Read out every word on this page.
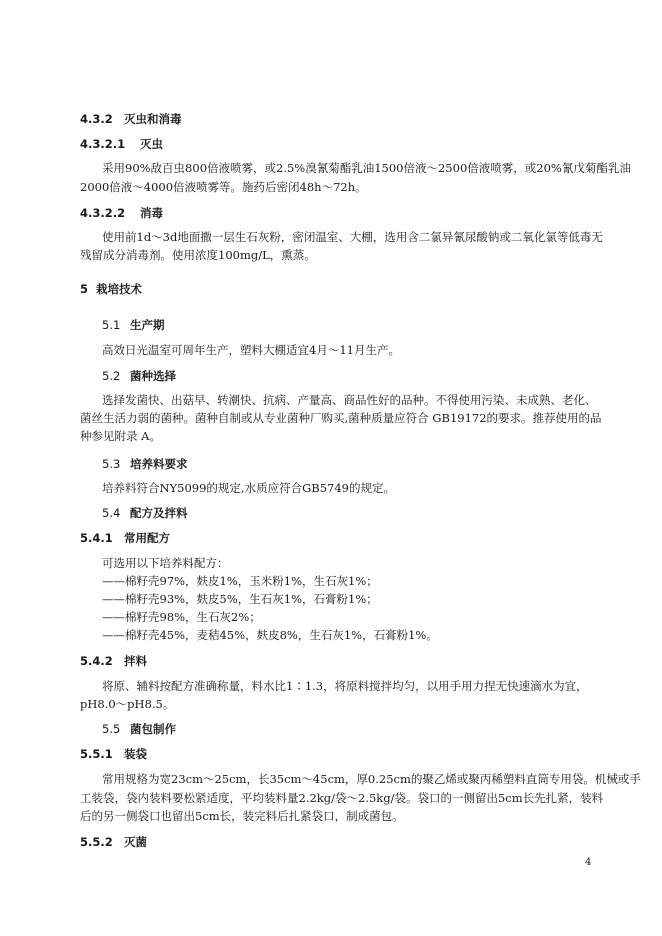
4.3.2 灭虫和消毒
4.3.2.1 灭虫
采用90%敌百虫800倍液喷雾，或2.5%溴氰菊酯乳油1500倍液～2500倍液喷雾，或20%氰戊菊酯乳油
2000倍液～4000倍液喷雾等。施药后密闭48h～72h。
4.3.2.2 消毒
使用前1d～3d地面撒一层生石灰粉，密闭温室、大棚，选用含二氯异氰尿酸钠或二氧化氯等低毒无
残留成分消毒剂。使用浓度100mg/L，熏蒸。
5 栽培技术
5.1 生产期
高效日光温室可周年生产，塑料大棚适宜4月～11月生产。
5.2 菌种选择
选择发菌快、出菇早、转潮快、抗病、产量高、商品性好的品种。不得使用污染、未成熟、老化、
菌丝生活力弱的菌种。菌种自制或从专业菌种厂购买,菌种质量应符合 GB19172的要求。推荐使用的品
种参见附录 A。
5.3 培养料要求
培养料符合NY5099的规定,水质应符合GB5749的规定。
5.4 配方及拌料
5.4.1 常用配方
可选用以下培养料配方：
——棉籽壳97%，麸皮1%，玉米粉1%，生石灰1%；
——棉籽壳93%，麸皮5%，生石灰1%，石膏粉1%；
——棉籽壳98%，生石灰2%；
——棉籽壳45%，麦秸45%，麸皮8%，生石灰1%，石膏粉1%。
5.4.2 拌料
将原、辅料按配方准确称量，料水比1∶1.3，将原料搅拌均匀，以用手用力捏无快速滴水为宜，
pH8.0～pH8.5。
5.5 菌包制作
5.5.1 装袋
常用规格为宽23cm～25cm，长35cm～45cm，厚0.25cm的聚乙烯或聚丙稀塑料直筒专用袋。机械或手
工装袋，袋内装料要松紧适度，平均装料量2.2kg/袋～2.5kg/袋。袋口的一侧留出5cm长先扎紧，装料
后的另一侧袋口也留出5cm长，装完料后扎紧袋口，制成菌包。
5.5.2 灭菌
4
